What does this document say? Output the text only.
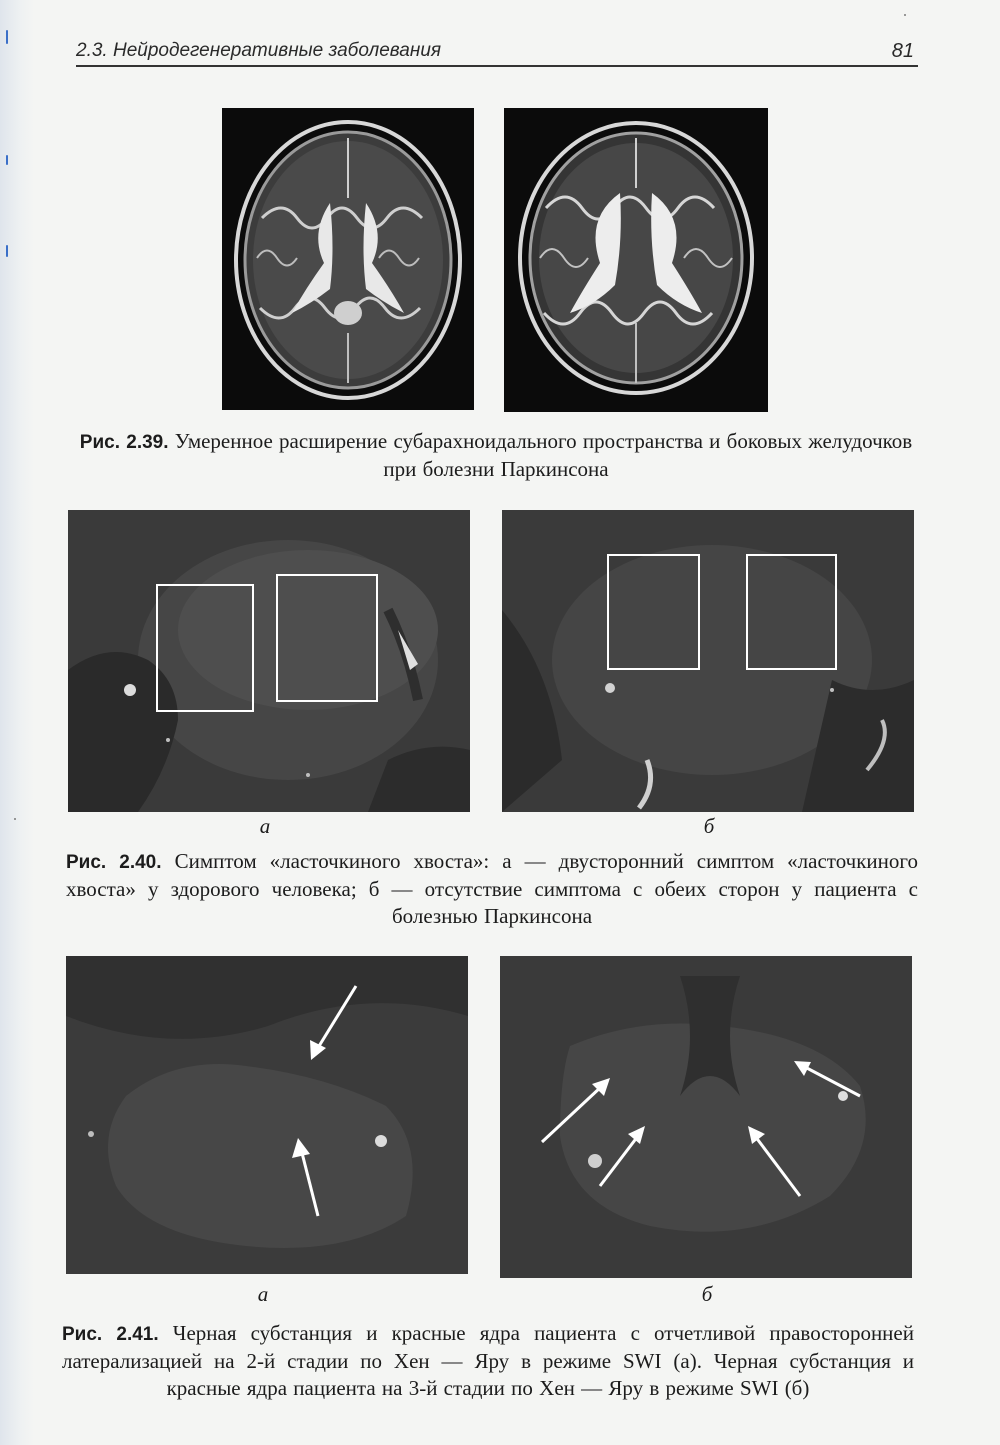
2.3. Нейродегенеративные заболевания	81
Рис. 2.39. Умеренное расширение субарахноидального пространства и боковых желудочков при болезни Паркинсона
а	б
Рис. 2.40. Симптом «ласточкиного хвоста»: а — двусторонний симптом «ласточкиного хвоста» у здорового человека; б — отсутствие симптома с обеих сторон у пациента с болезнью Паркинсона
а	б
Рис. 2.41. Черная субстанция и красные ядра пациента с отчетливой правосторонней латерализацией на 2-й стадии по Хен — Яру в режиме SWI (а). Черная субстанция и красные ядра пациента на 3-й стадии по Хен — Яру в режиме SWI (б)
